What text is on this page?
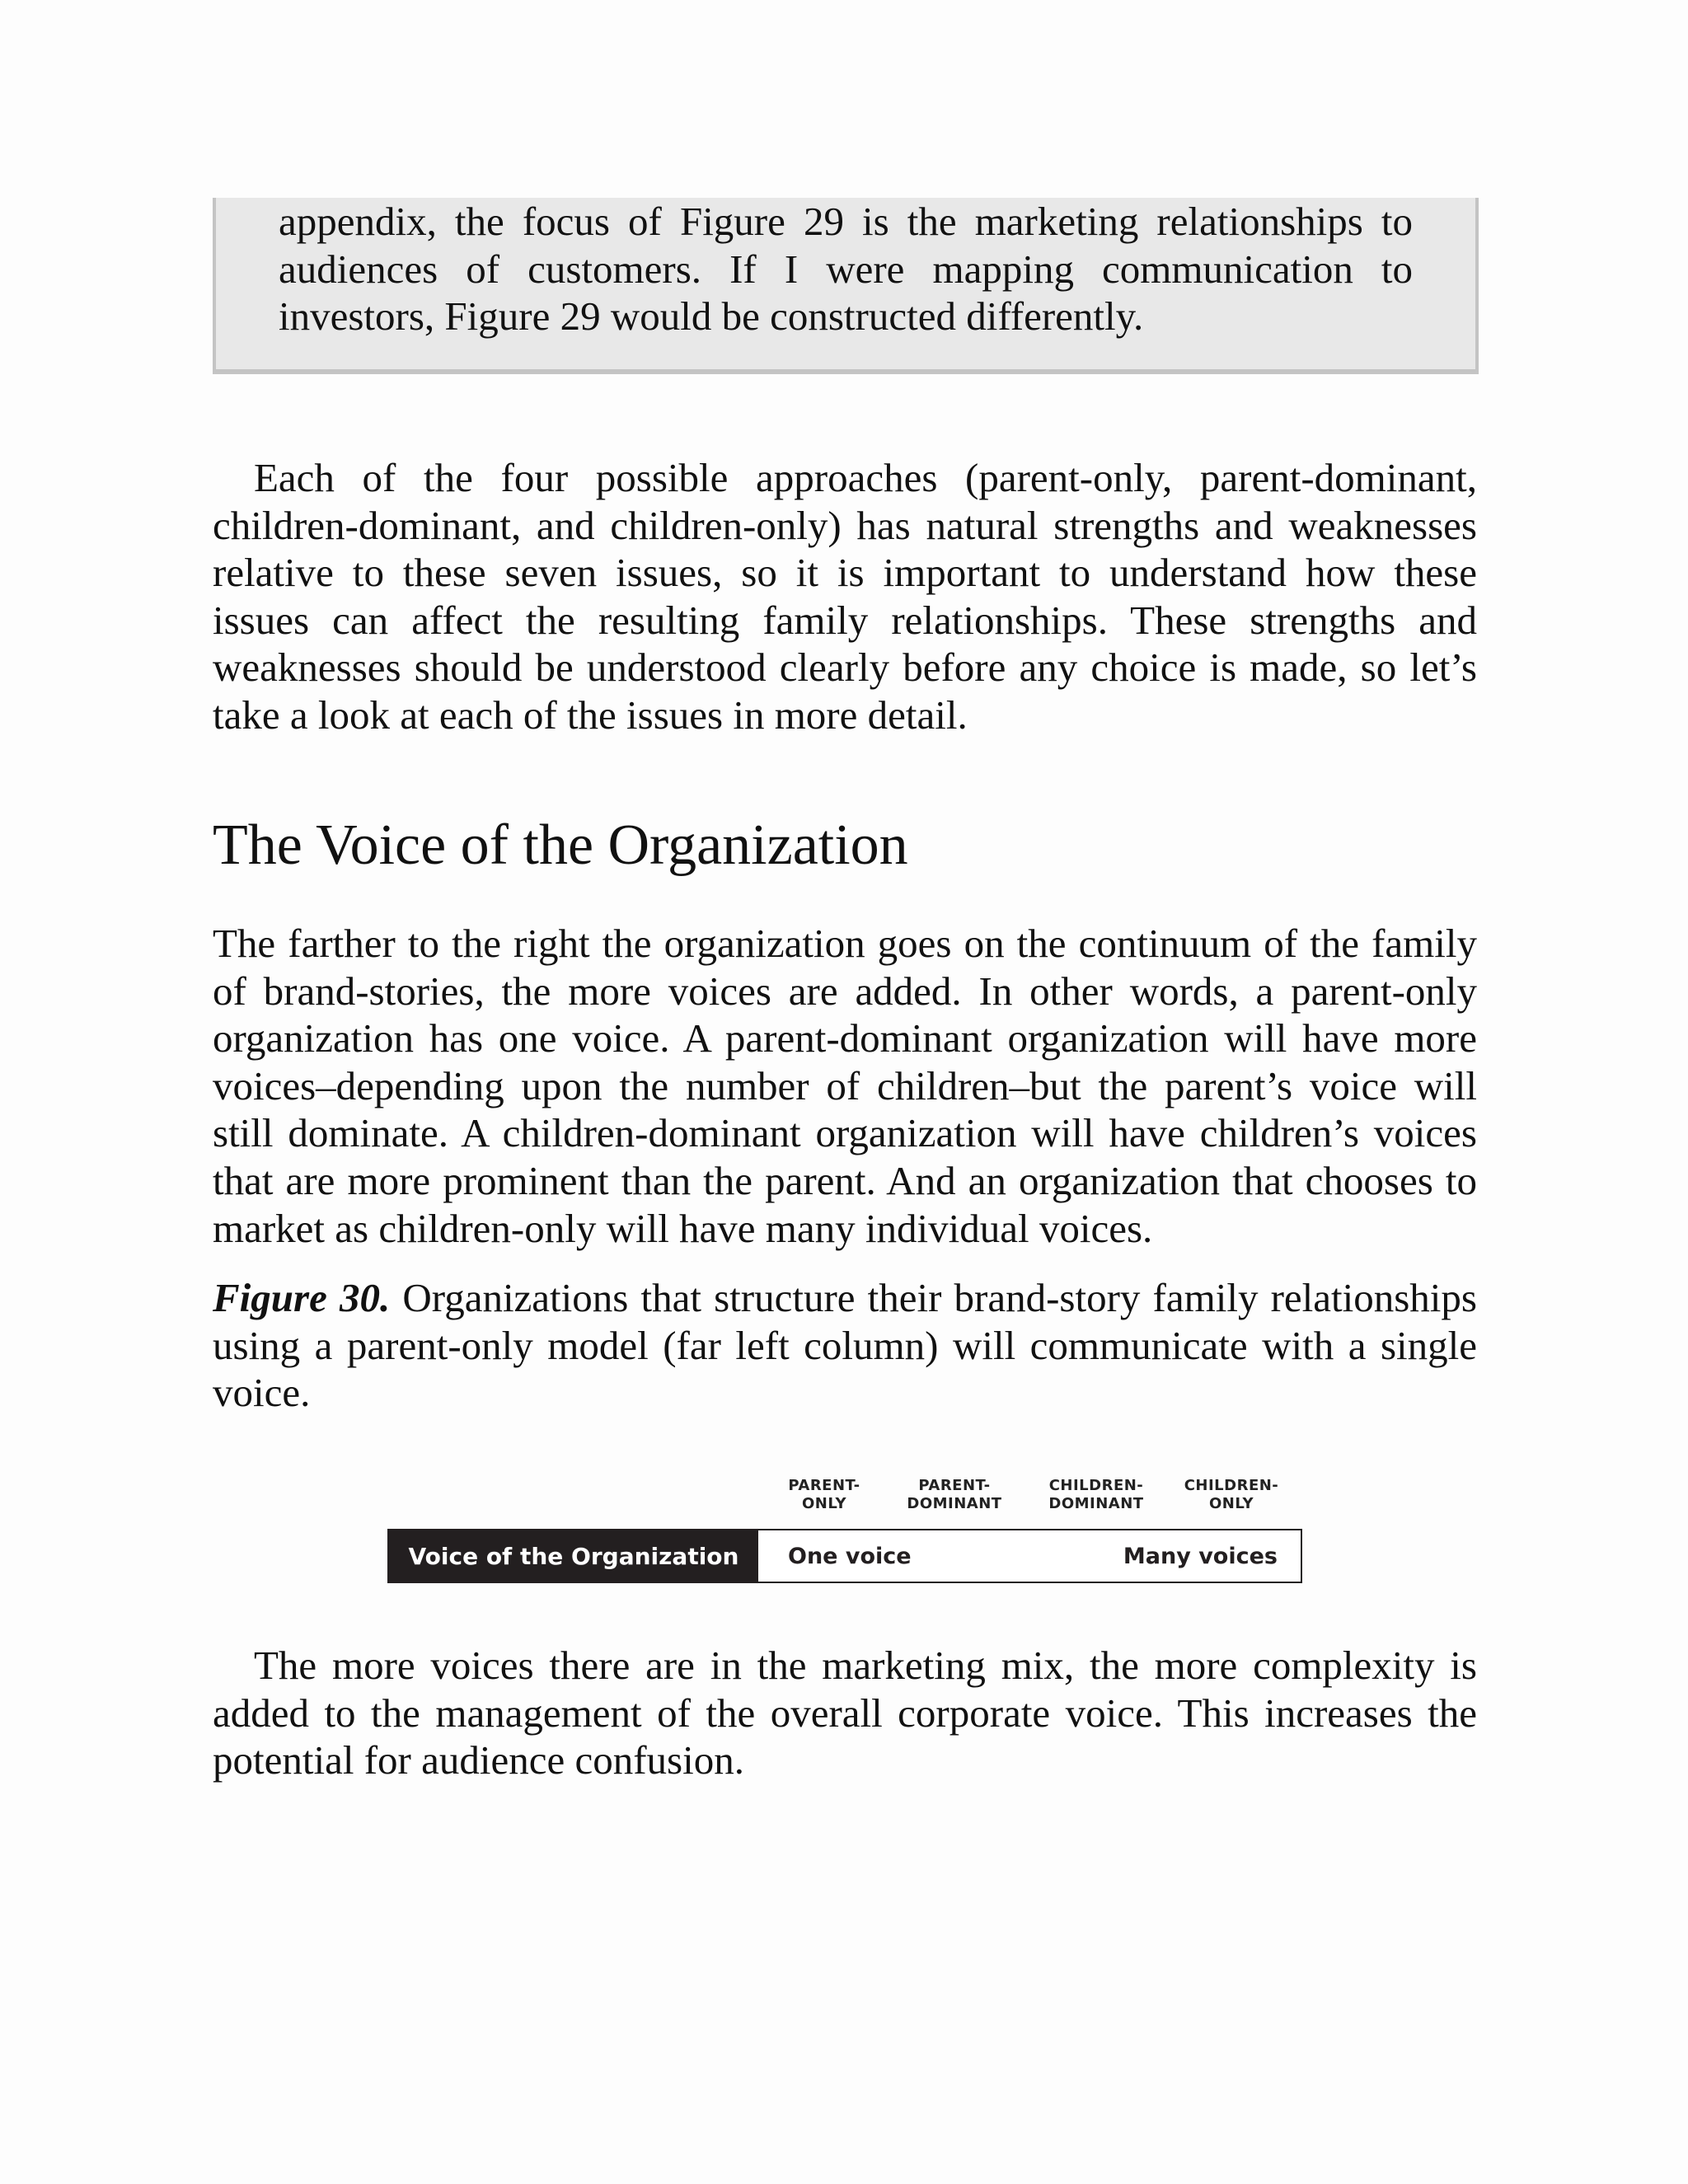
appendix, the focus of Figure 29 is the marketing relationships to audiences of customers. If I were mapping communication to investors, Figure 29 would be constructed differently.

Each of the four possible approaches (parent-only, parent-dominant, children-dominant, and children-only) has natural strengths and weaknesses relative to these seven issues, so it is important to understand how these issues can affect the resulting family relationships. These strengths and weaknesses should be understood clearly before any choice is made, so let’s take a look at each of the issues in more detail.

The Voice of the Organization

The farther to the right the organization goes on the continuum of the family of brand-stories, the more voices are added. In other words, a parent-only organization has one voice. A parent-dominant organization will have more voices–depending upon the number of children–but the parent’s voice will still dominate. A children-dominant organization will have children’s voices that are more prominent than the parent. And an organization that chooses to market as children-only will have many individual voices.

Figure 30. Organizations that structure their brand-story family relationships using a parent-only model (far left column) will communicate with a single voice.

PARENT-
ONLY
PARENT-
DOMINANT
CHILDREN-
DOMINANT
CHILDREN-
ONLY
Voice of the Organization	One voice	Many voices

The more voices there are in the marketing mix, the more complexity is added to the management of the overall corporate voice. This increases the potential for audience confusion.
